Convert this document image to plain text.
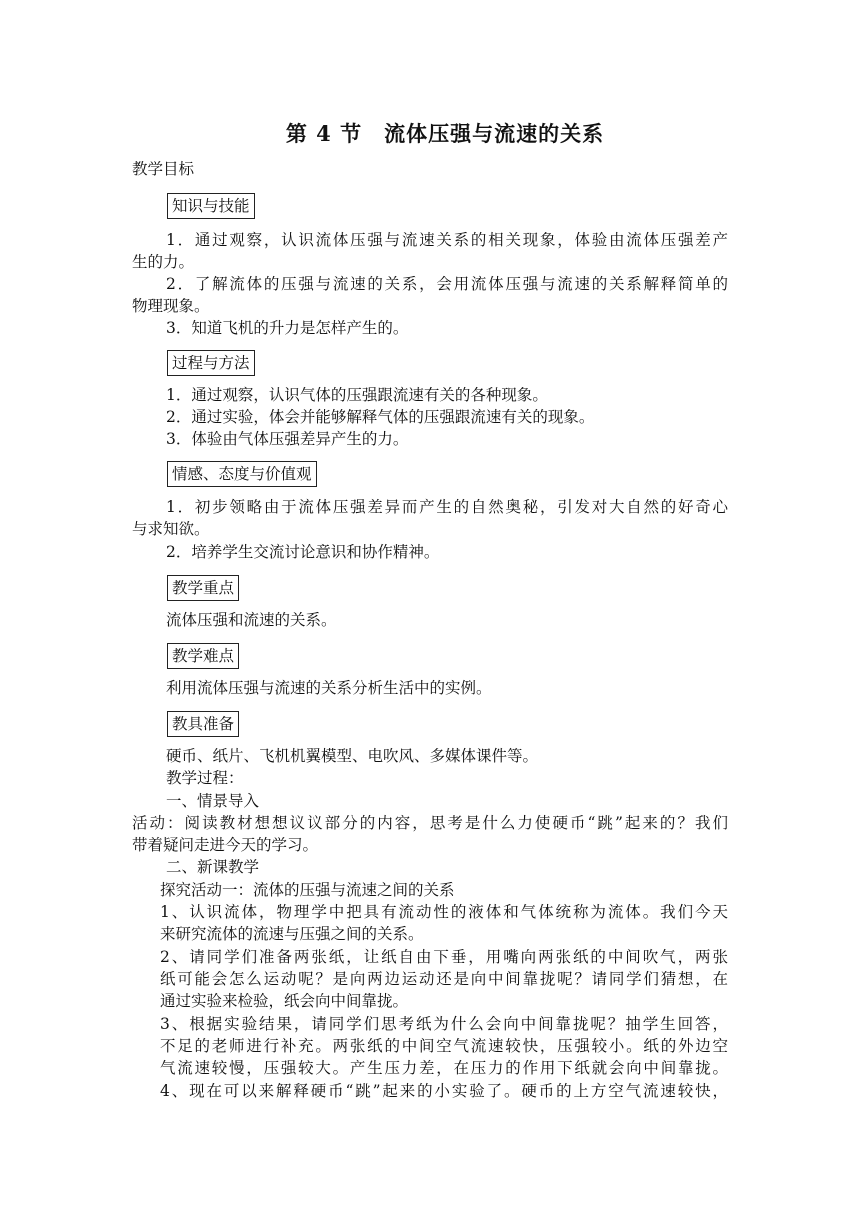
第 4 节　流体压强与流速的关系
教学目标
知识与技能
1．通过观察，认识流体压强与流速关系的相关现象，体验由流体压强差产
生的力。
2．了解流体的压强与流速的关系，会用流体压强与流速的关系解释简单的
物理现象。
3．知道飞机的升力是怎样产生的。
过程与方法
1．通过观察，认识气体的压强跟流速有关的各种现象。
2．通过实验，体会并能够解释气体的压强跟流速有关的现象。
3．体验由气体压强差异产生的力。
情感、态度与价值观
1．初步领略由于流体压强差异而产生的自然奥秘，引发对大自然的好奇心
与求知欲。
2．培养学生交流讨论意识和协作精神。
教学重点
流体压强和流速的关系。
教学难点
利用流体压强与流速的关系分析生活中的实例。
教具准备
硬币、纸片、飞机机翼模型、电吹风、多媒体课件等。
教学过程：
一、情景导入
活动：阅读教材想想议议部分的内容，思考是什么力使硬币“跳”起来的？我们
带着疑问走进今天的学习。
二、新课教学
探究活动一：流体的压强与流速之间的关系
1、认识流体，物理学中把具有流动性的液体和气体统称为流体。我们今天
来研究流体的流速与压强之间的关系。
2、请同学们准备两张纸，让纸自由下垂，用嘴向两张纸的中间吹气，两张
纸可能会怎么运动呢？是向两边运动还是向中间靠拢呢？请同学们猜想，在
通过实验来检验，纸会向中间靠拢。
3、根据实验结果，请同学们思考纸为什么会向中间靠拢呢？抽学生回答，
不足的老师进行补充。两张纸的中间空气流速较快，压强较小。纸的外边空
气流速较慢，压强较大。产生压力差，在压力的作用下纸就会向中间靠拢。
4、现在可以来解释硬币“跳”起来的小实验了。硬币的上方空气流速较快，
